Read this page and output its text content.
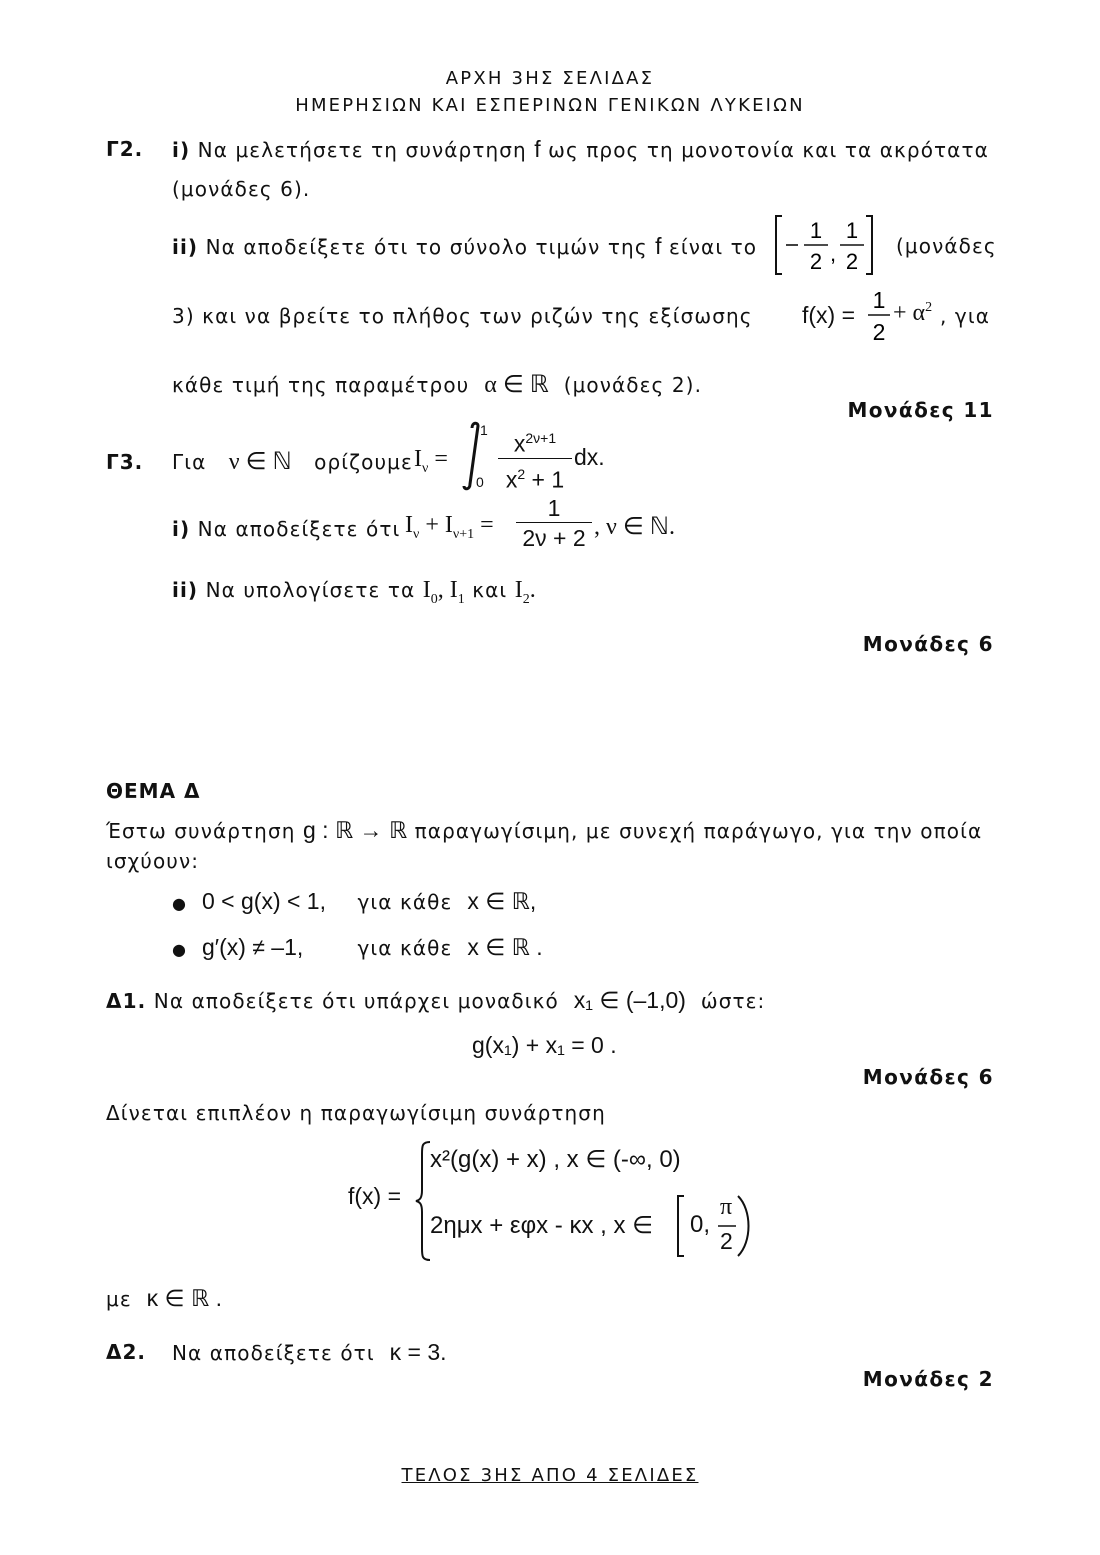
ΑΡΧΗ 3ΗΣ ΣΕΛΙΔΑΣ
ΗΜΕΡΗΣΙΩΝ ΚΑΙ ΕΣΠΕΡΙΝΩΝ ΓΕΝΙΚΩΝ ΛΥΚΕΙΩΝ
Γ2. i) Να μελετήσετε τη συνάρτηση f ως προς τη μονοτονία και τα ακρότατα
(μονάδες 6).
ii) Να αποδείξετε ότι το σύνολο τιμών της f είναι το
1
2 ,
1
2
(μονάδες
3) και να βρείτε το πλήθος των ριζών της εξίσωσης f(x) =
1
2
+ $\alpha^2$ , για
κάθε τιμή της παραμέτρου α ∈ ℝ (μονάδες 2).
Μονάδες 11
Γ3. Για ν ∈ ℕ ορίζουμε $I_\nu$ =
1
0
$x^{2\nu+1}$
$x^2 + 1$
dx.
i) Να αποδείξετε ότι $I_\nu + I_{\nu+1}$ =
1
2ν + 2 , ν ∈ ℕ.
ii) Να υπολογίσετε τα $I_0$, $I_1$ και $I_2$.
Μονάδες 6
ΘΕΜΑ Δ
Έστω συνάρτηση g : ℝ → ℝ παραγωγίσιμη, με συνεχή παράγωγο, για την οποία
ισχύουν:
● 0 < g(x) < 1, για κάθε x ∈ ℝ,
● g′(x) ≠ –1,	για κάθε x ∈ ℝ .
Δ1. Να αποδείξετε ότι υπάρχει μοναδικό x₁ ∈ (–1,0) ώστε:
g(x₁) + x₁ = 0 .
Μονάδες 6
Δίνεται επιπλέον η παραγωγίσιμη συνάρτηση
f(x) =
x²(g(x) + x) , x ∈ (-∞, 0)
2ημx + εφx - κx , x ∈ 0,
π
2
με κ ∈ ℝ .
Δ2. Να αποδείξετε ότι κ = 3.
Μονάδες 2
ΤΕΛΟΣ 3ΗΣ ΑΠΟ 4 ΣΕΛΙΔΕΣ
